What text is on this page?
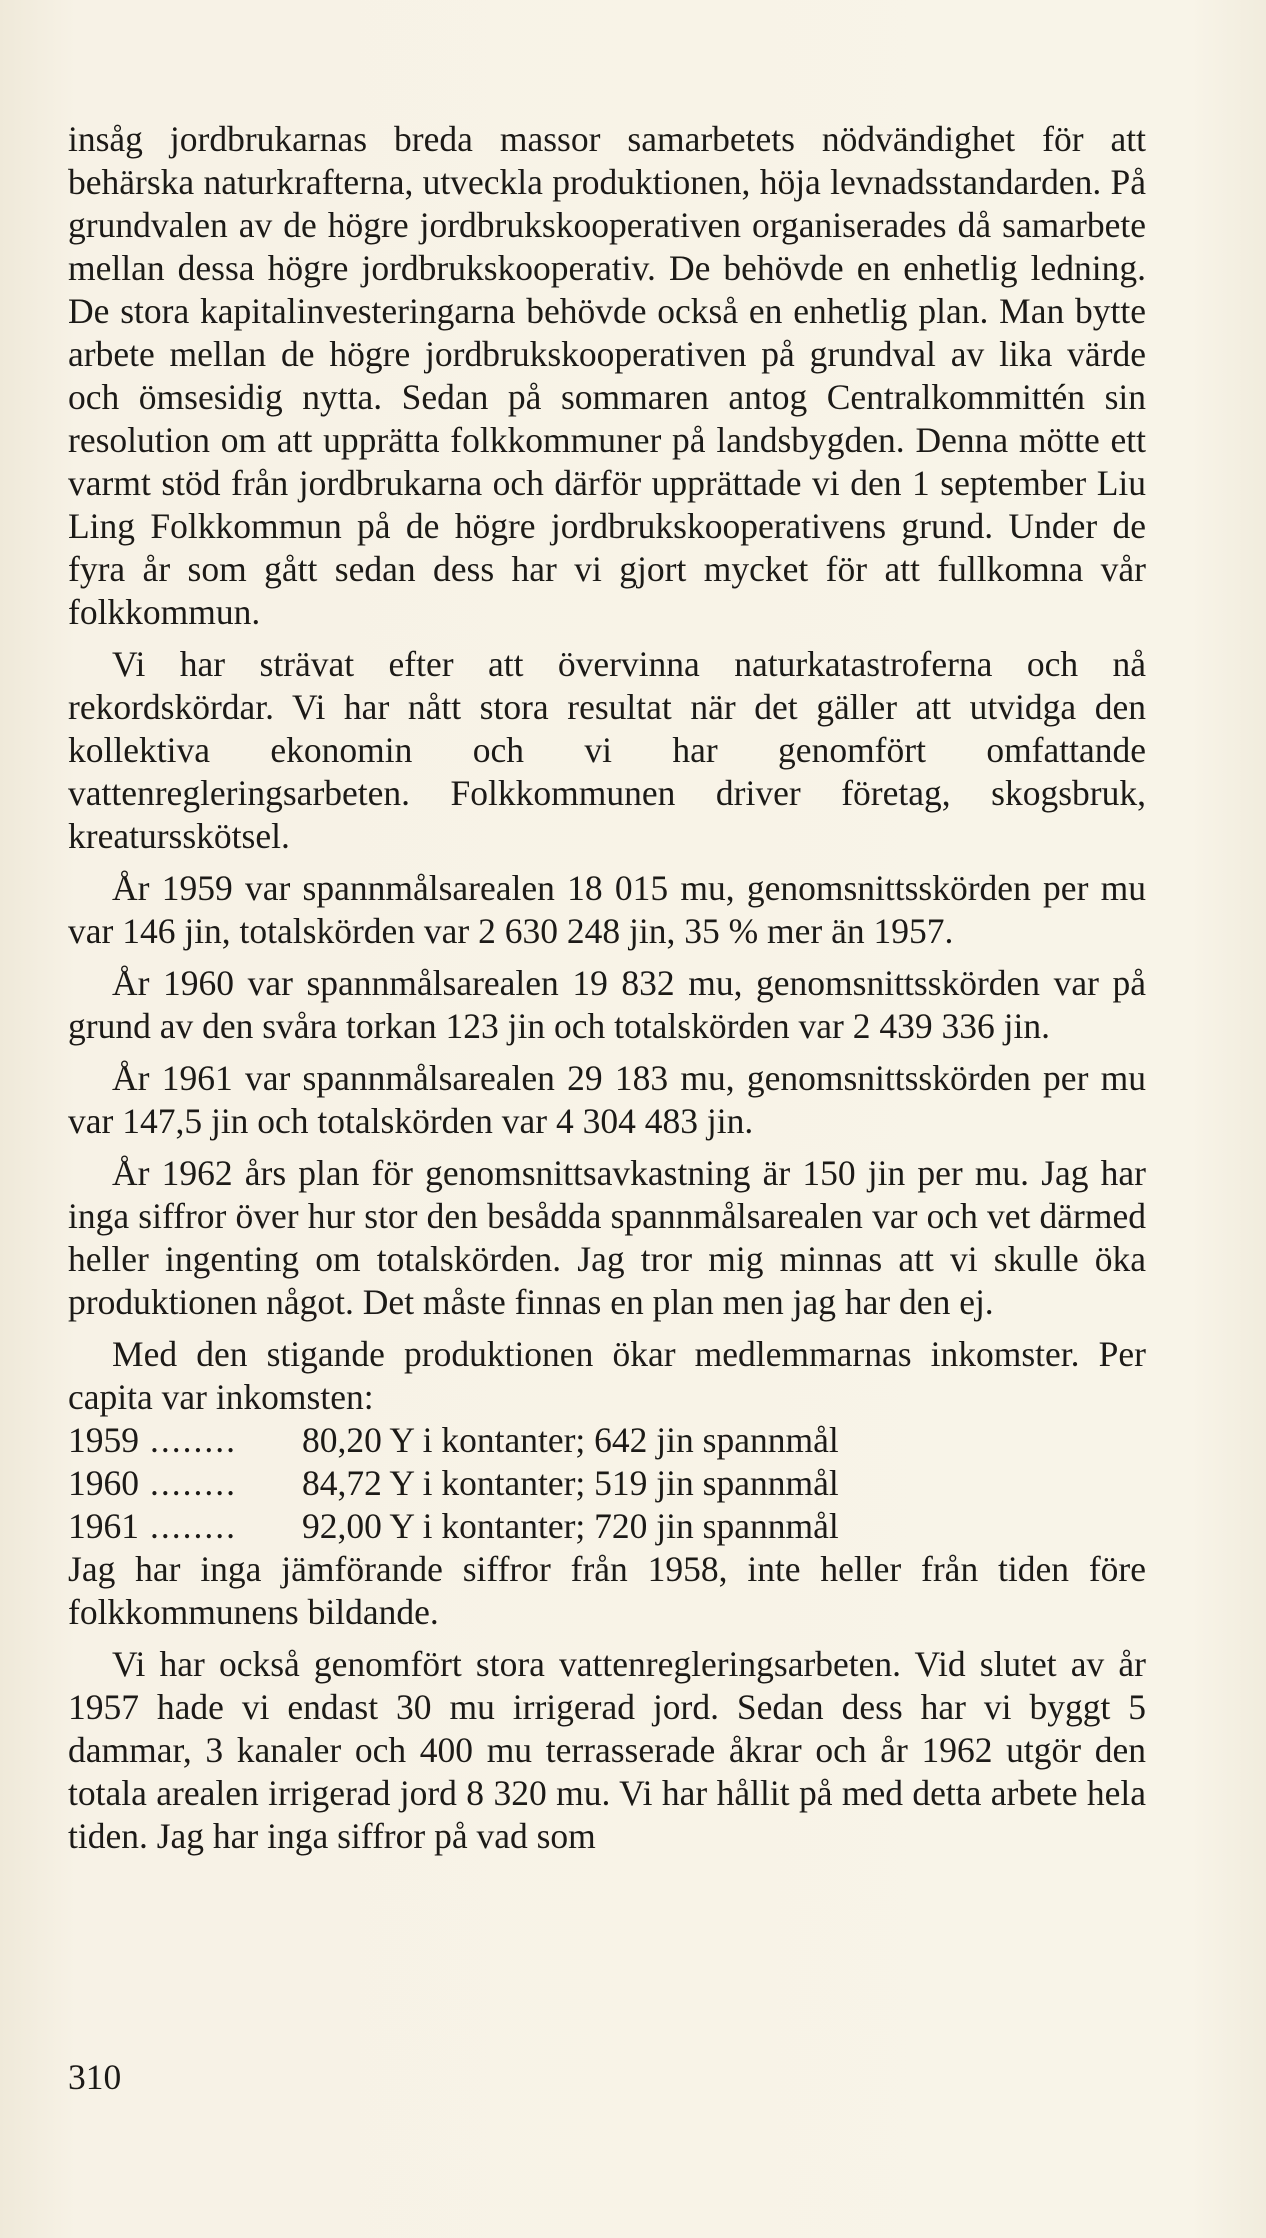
insåg jordbrukarnas breda massor samarbetets nödvändighet för att behärska naturkrafterna, utveckla produktionen, höja levnadsstandarden. På grundvalen av de högre jordbrukskooperativen organiserades då samarbete mellan dessa högre jordbrukskooperativ. De behövde en enhetlig ledning. De stora kapitalinvesteringarna behövde också en enhetlig plan. Man bytte arbete mellan de högre jordbrukskooperativen på grundval av lika värde och ömsesidig nytta. Sedan på sommaren antog Centralkommittén sin resolution om att upprätta folkkommuner på landsbygden. Denna mötte ett varmt stöd från jordbrukarna och därför upprättade vi den 1 september Liu Ling Folkkommun på de högre jordbrukskooperativens grund. Under de fyra år som gått sedan dess har vi gjort mycket för att fullkomna vår folkkommun.

Vi har strävat efter att övervinna naturkatastroferna och nå rekordskördar. Vi har nått stora resultat när det gäller att utvidga den kollektiva ekonomin och vi har genomfört omfattande vattenregleringsarbeten. Folkkommunen driver företag, skogsbruk, kreatursskötsel.

År 1959 var spannmålsarealen 18 015 mu, genomsnittsskörden per mu var 146 jin, totalskörden var 2 630 248 jin, 35 % mer än 1957.

År 1960 var spannmålsarealen 19 832 mu, genomsnittsskörden var på grund av den svåra torkan 123 jin och totalskörden var 2 439 336 jin.

År 1961 var spannmålsarealen 29 183 mu, genomsnittsskörden per mu var 147,5 jin och totalskörden var 4 304 483 jin.

År 1962 års plan för genomsnittsavkastning är 150 jin per mu. Jag har inga siffror över hur stor den besådda spannmålsarealen var och vet därmed heller ingenting om totalskörden. Jag tror mig minnas att vi skulle öka produktionen något. Det måste finnas en plan men jag har den ej.

Med den stigande produktionen ökar medlemmarnas inkomster. Per capita var inkomsten:

1959 ........	80,20 Y i kontanter; 642 jin spannmål
1960 ........	84,72 Y i kontanter; 519 jin spannmål
1961 ........	92,00 Y i kontanter; 720 jin spannmål

Jag har inga jämförande siffror från 1958, inte heller från tiden före folkkommunens bildande.

Vi har också genomfört stora vattenregleringsarbeten. Vid slutet av år 1957 hade vi endast 30 mu irrigerad jord. Sedan dess har vi byggt 5 dammar, 3 kanaler och 400 mu terrasserade åkrar och år 1962 utgör den totala arealen irrigerad jord 8 320 mu. Vi har hållit på med detta arbete hela tiden. Jag har inga siffror på vad som

310
